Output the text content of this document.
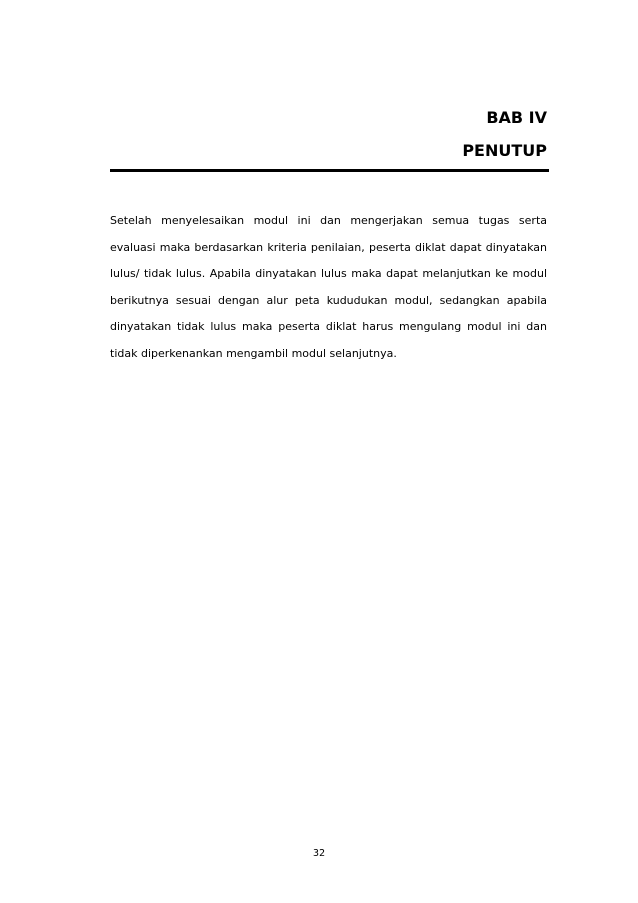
BAB IV
PENUTUP

Setelah menyelesaikan modul ini dan mengerjakan semua tugas serta evaluasi maka berdasarkan kriteria penilaian, peserta diklat dapat dinyatakan lulus/ tidak lulus. Apabila dinyatakan lulus maka dapat melanjutkan ke modul berikutnya sesuai dengan alur peta kududukan modul, sedangkan apabila dinyatakan tidak lulus maka peserta diklat harus mengulang modul ini dan tidak diperkenankan mengambil modul selanjutnya.

32
